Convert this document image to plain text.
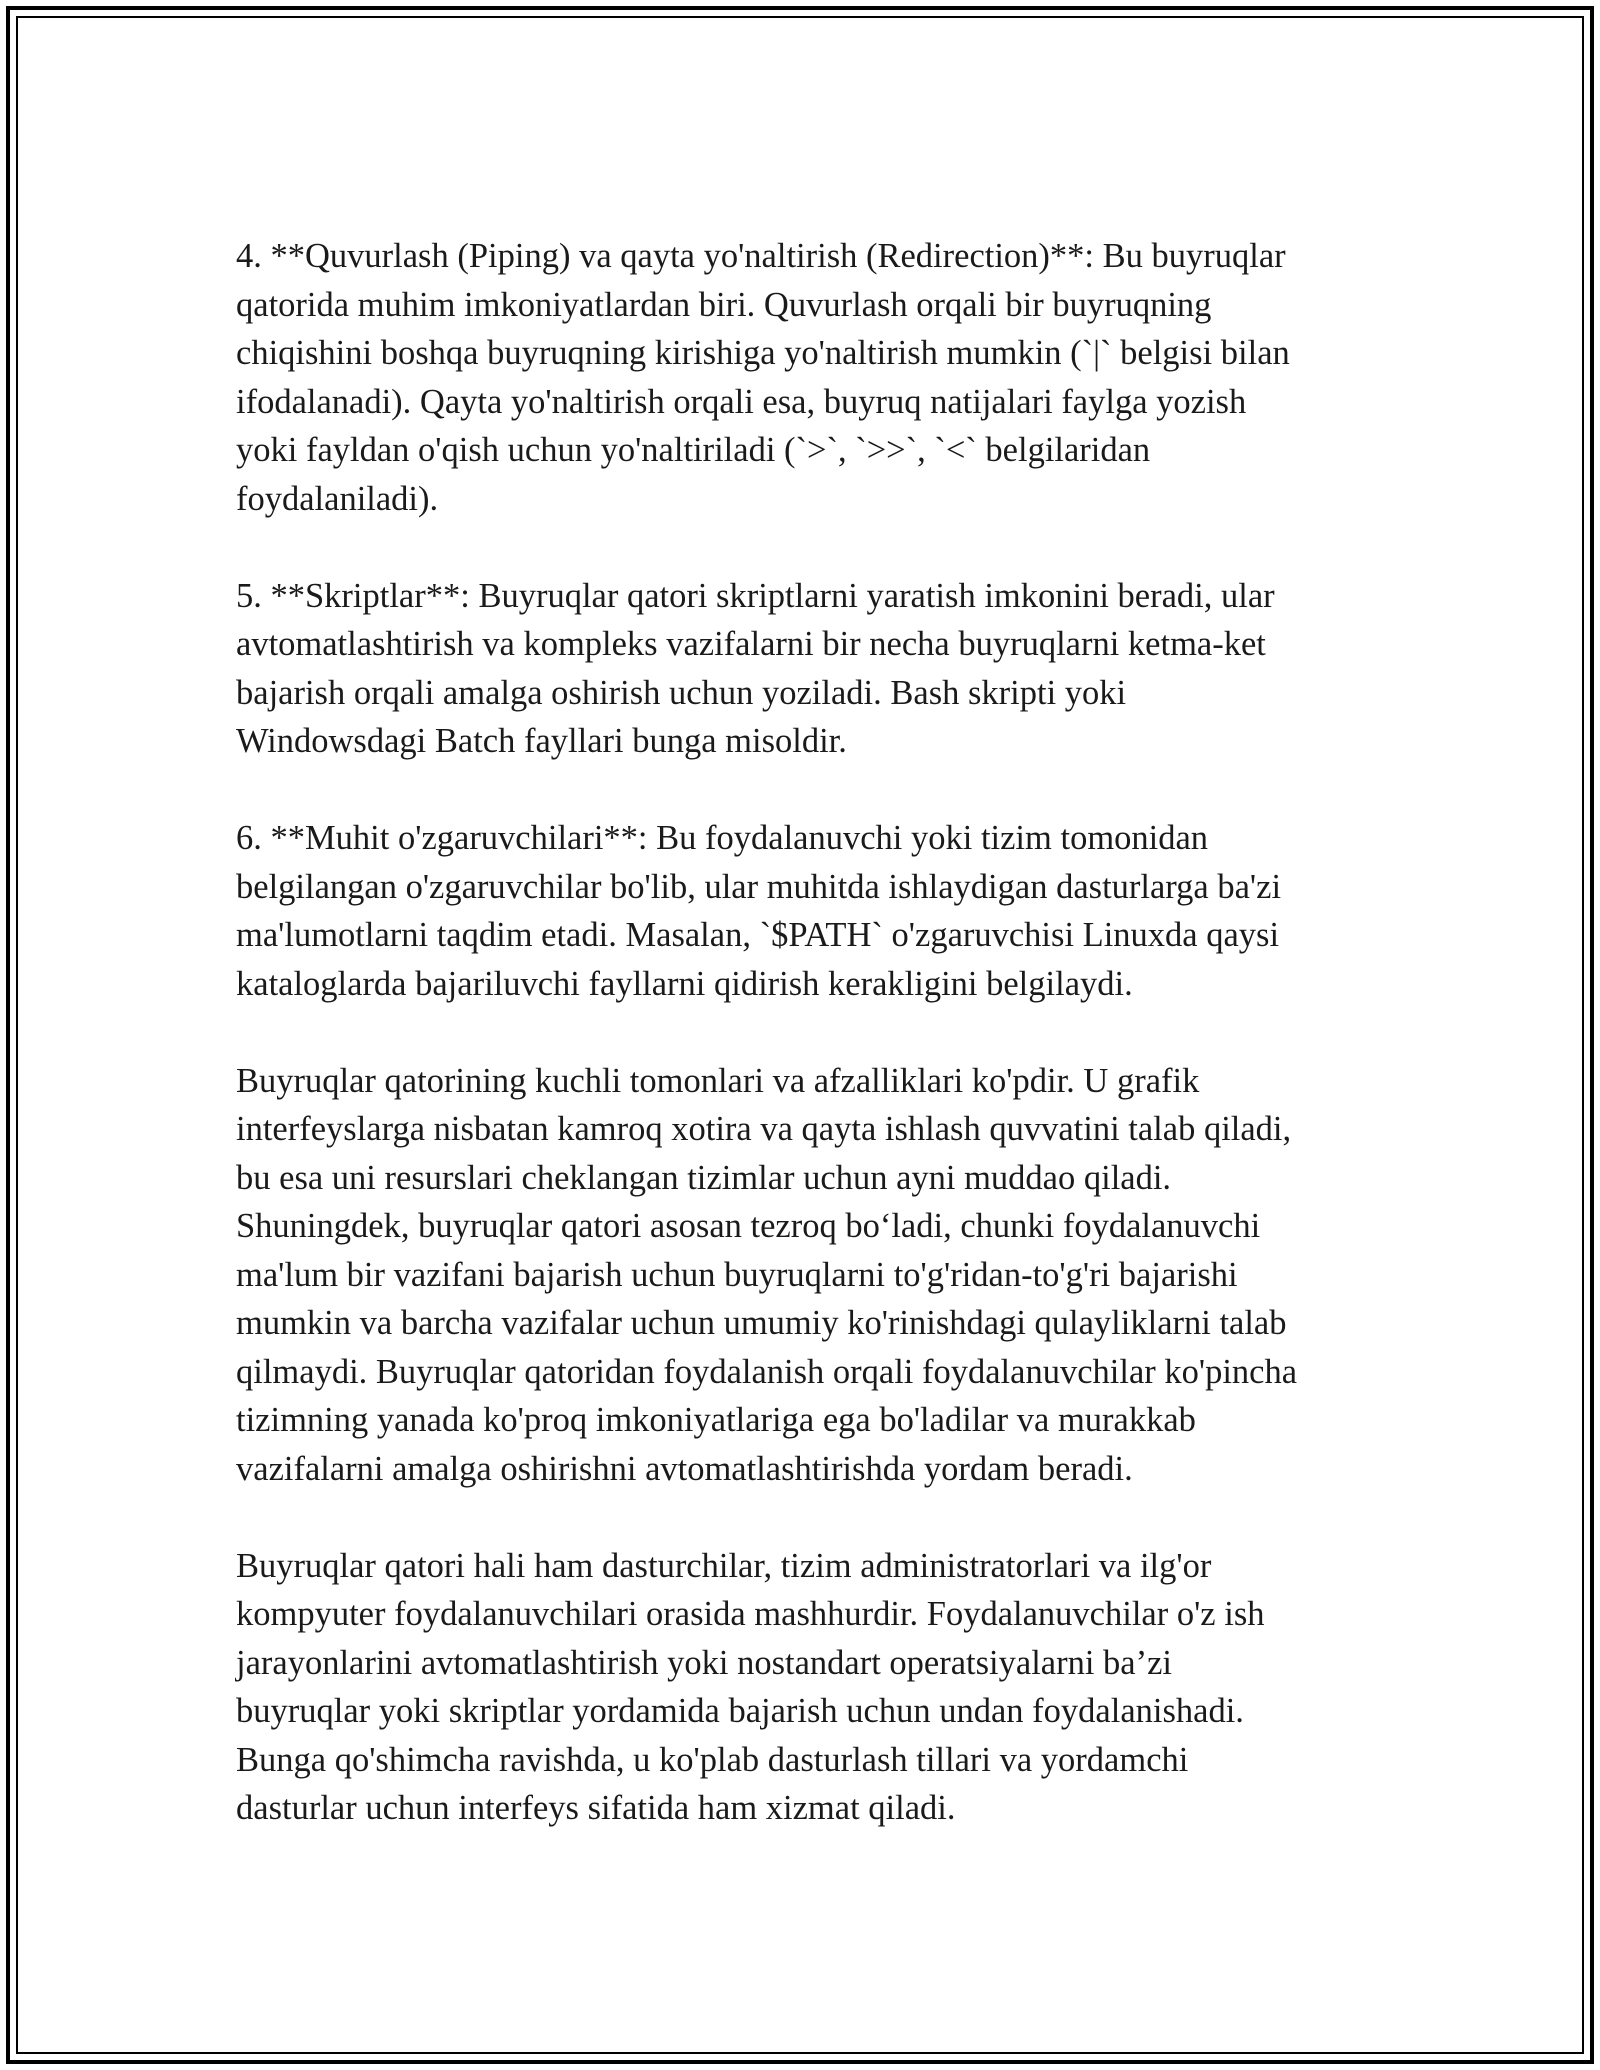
4. **Quvurlash (Piping) va qayta yo'naltirish (Redirection)**: Bu buyruqlar
qatorida muhim imkoniyatlardan biri. Quvurlash orqali bir buyruqning
chiqishini boshqa buyruqning kirishiga yo'naltirish mumkin (`|` belgisi bilan
ifodalanadi). Qayta yo'naltirish orqali esa, buyruq natijalari faylga yozish
yoki fayldan o'qish uchun yo'naltiriladi (`>`, `>>`, `<` belgilaridan
foydalaniladi).

5. **Skriptlar**: Buyruqlar qatori skriptlarni yaratish imkonini beradi, ular
avtomatlashtirish va kompleks vazifalarni bir necha buyruqlarni ketma-ket
bajarish orqali amalga oshirish uchun yoziladi. Bash skripti yoki
Windowsdagi Batch fayllari bunga misoldir.

6. **Muhit o'zgaruvchilari**: Bu foydalanuvchi yoki tizim tomonidan
belgilangan o'zgaruvchilar bo'lib, ular muhitda ishlaydigan dasturlarga ba'zi
ma'lumotlarni taqdim etadi. Masalan, `$PATH` o'zgaruvchisi Linuxda qaysi
kataloglarda bajariluvchi fayllarni qidirish kerakligini belgilaydi.

Buyruqlar qatorining kuchli tomonlari va afzalliklari ko'pdir. U grafik
interfeyslarga nisbatan kamroq xotira va qayta ishlash quvvatini talab qiladi,
bu esa uni resurslari cheklangan tizimlar uchun ayni muddao qiladi.
Shuningdek, buyruqlar qatori asosan tezroq bo‘ladi, chunki foydalanuvchi
ma'lum bir vazifani bajarish uchun buyruqlarni to'g'ridan-to'g'ri bajarishi
mumkin va barcha vazifalar uchun umumiy ko'rinishdagi qulayliklarni talab
qilmaydi. Buyruqlar qatoridan foydalanish orqali foydalanuvchilar ko'pincha
tizimning yanada ko'proq imkoniyatlariga ega bo'ladilar va murakkab
vazifalarni amalga oshirishni avtomatlashtirishda yordam beradi.

Buyruqlar qatori hali ham dasturchilar, tizim administratorlari va ilg'or
kompyuter foydalanuvchilari orasida mashhurdir. Foydalanuvchilar o'z ish
jarayonlarini avtomatlashtirish yoki nostandart operatsiyalarni ba’zi
buyruqlar yoki skriptlar yordamida bajarish uchun undan foydalanishadi.
Bunga qo'shimcha ravishda, u ko'plab dasturlash tillari va yordamchi
dasturlar uchun interfeys sifatida ham xizmat qiladi.
